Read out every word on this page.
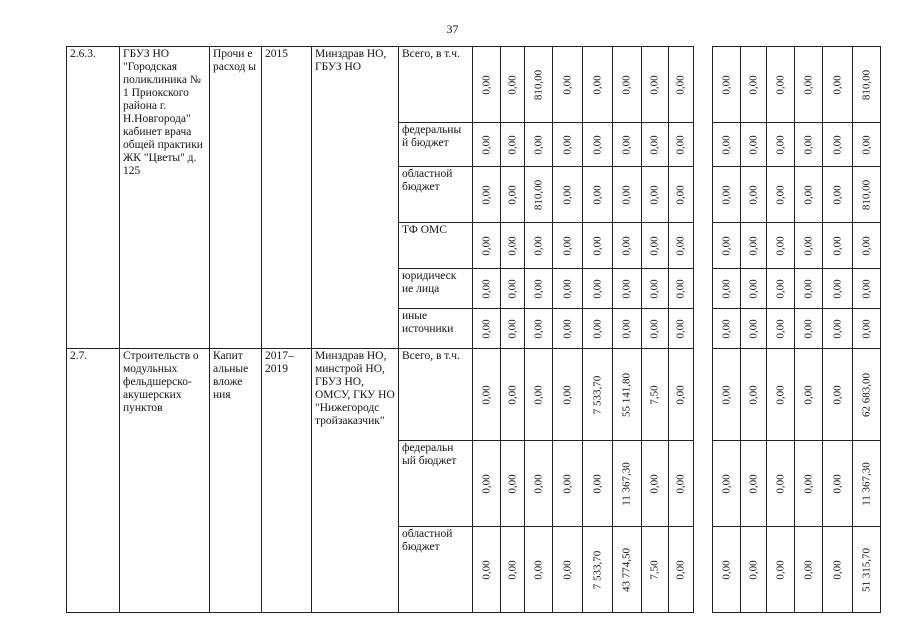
37
2.6.3.	ГБУЗ НО "Городская поликлиника № 1 Приокского района г. Н.Новгорода" кабинет врача общей практики ЖК "Цветы" д. 125	Прочи е расход ы	2015	Минздрав НО, ГБУЗ НО	Всего, в т.ч.	0,00	0,00	810,00	0,00	0,00	0,00	0,00	0,00		0,00	0,00	0,00	0,00	0,00	810,00

					федеральны й бюджет	0,00	0,00	0,00	0,00	0,00	0,00	0,00	0,00		0,00	0,00	0,00	0,00	0,00	0,00

					областной бюджет	0,00	0,00	810,00	0,00	0,00	0,00	0,00	0,00		0,00	0,00	0,00	0,00	0,00	810,00

					ТФ ОМС	0,00	0,00	0,00	0,00	0,00	0,00	0,00	0,00		0,00	0,00	0,00	0,00	0,00	0,00

					юридическ ие лица	0,00	0,00	0,00	0,00	0,00	0,00	0,00	0,00		0,00	0,00	0,00	0,00	0,00	0,00

					иные источники	0,00	0,00	0,00	0,00	0,00	0,00	0,00	0,00		0,00	0,00	0,00	0,00	0,00	0,00

2.7.	Строительств о модульных фельдшерско-акушерских пунктов	Капит альные вложе ния	2017–2019	Минздрав НО, минстрой НО, ГБУЗ НО, ОМСУ, ГКУ НО "Нижегородс тройзаказчик"	Всего, в т.ч.	0,00	0,00	0,00	0,00	7 533,70	55 141,80	7,50	0,00		0,00	0,00	0,00	0,00	0,00	62 683,00

					федеральн ый бюджет	0,00	0,00	0,00	0,00	0,00	11 367,30	0,00	0,00		0,00	0,00	0,00	0,00	0,00	11 367,30

					областной бюджет	0,00	0,00	0,00	0,00	7 533,70	43 774,50	7,50	0,00		0,00	0,00	0,00	0,00	0,00	51 315,70
